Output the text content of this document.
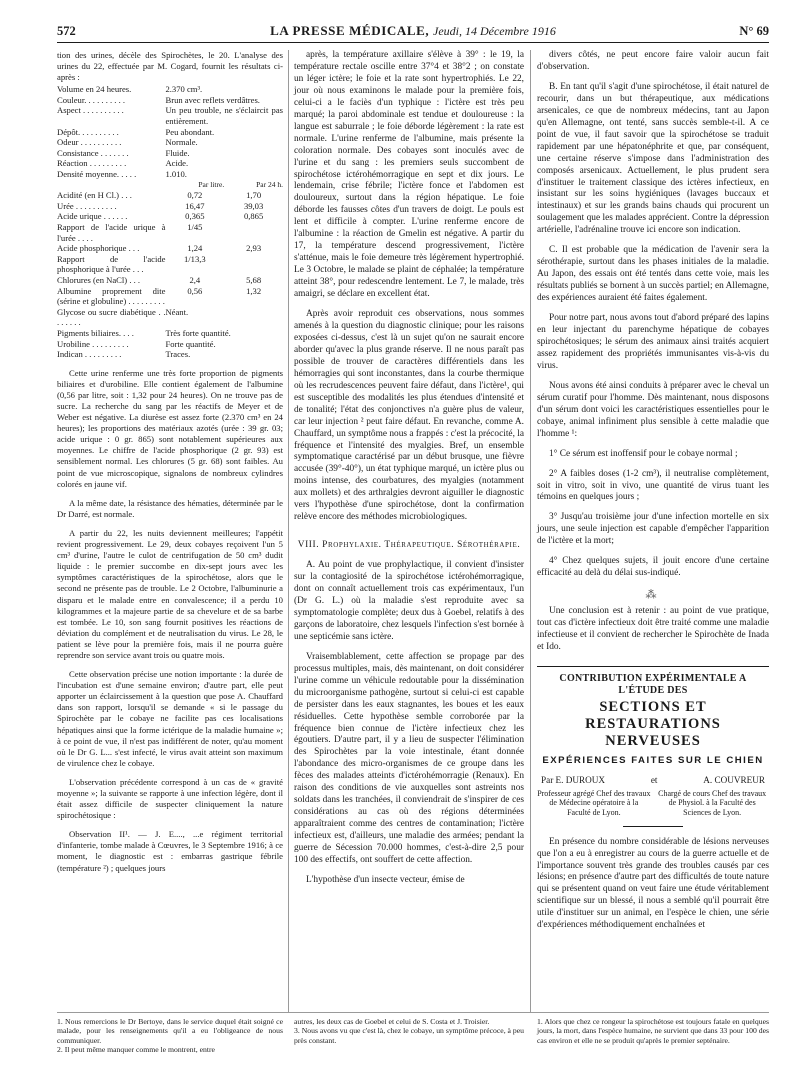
572	LA PRESSE MÉDICALE, Jeudi, 14 Décembre 1916	N° 69

tion des urines, décèle des Spirochètes, le 20. L'analyse des urines du 22, effectuée par M. Cogard, fournit les résultats ci-après :

Volume en 24 heures.	2.370 cm³.	
Couleur. . . . . . . . . .	Brun avec reflets verdâtres.	
Aspect . . . . . . . . . .	Un peu trouble, ne s'éclaircit pas entièrement.	
Dépôt. . . . . . . . . .	Peu abondant.	
Odeur . . . . . . . . . .	Normale.	
Consistance . . . . . . .	Fluide.	
Réaction . . . . . . . . .	Acide.	
Densité moyenne. . . . .	1.010.	
	Par litre.	Par 24 h.
Acidité (en H Cl.) . . .	0,72	1,70
Urée . . . . . . . . . .	16,47	39,03
Acide urique . . . . . .	0,365	0,865
Rapport de l'acide urique à l'urée . . . .	1/45	
Acide phosphorique . . .	1,24	2,93
Rapport de l'acide phosphorique à l'urée . . .	1/13,3	
Chlorures (en NaCl) . . .	2,4	5,68
Albumine proprement dite (sérine et globuline) . . . . . . . . .	0,56	1,32
Glycose ou sucre diabétique . . . . . . . .	Néant.	
Pigments biliaires. . . .	Très forte quantité.	
Urobiline . . . . . . . . .	Forte quantité.	
Indican . . . . . . . . .	Traces.	

Cette urine renferme une très forte proportion de pigments biliaires et d'urobiline. Elle contient également de l'albumine (0,56 par litre, soit : 1,32 pour 24 heures). On ne trouve pas de sucre. La recherche du sang par les réactifs de Meyer et de Weber est négative. La diurèse est assez forte (2.370 cm³ en 24 heures); les proportions des matériaux azotés (urée : 39 gr. 03; acide urique : 0 gr. 865) sont notablement supérieures aux moyennes. Le chiffre de l'acide phosphorique (2 gr. 93) est sensiblement normal. Les chlorures (5 gr. 68) sont faibles. Au point de vue microscopique, signalons de nombreux cylindres colorés en jaune vif.

A la même date, la résistance des hématies, déterminée par le Dr Darré, est normale.

A partir du 22, les nuits deviennent meilleures; l'appétit revient progressivement. Le 29, deux cobayes reçoivent l'un 5 cm³ d'urine, l'autre le culot de centrifugation de 50 cm³ dudit liquide : le premier succombe en dix-sept jours avec les symptômes caractéristiques de la spirochétose, alors que le second ne présente pas de trouble. Le 2 Octobre, l'albuminurie a disparu et le malade entre en convalescence; il a perdu 10 kilogrammes et la majeure partie de sa chevelure et de sa barbe est tombée. Le 10, son sang fournit positives les réactions de déviation du complément et de neutralisation du virus. Le 28, le patient se lève pour la première fois, mais il ne pourra guère reprendre son service avant trois ou quatre mois.

Cette observation précise une notion importante : la durée de l'incubation est d'une semaine environ; d'autre part, elle peut apporter un éclaircissement à la question que pose A. Chauffard dans son rapport, lorsqu'il se demande « si le passage du Spirochète par le cobaye ne facilite pas ces localisations hépatiques ainsi que la forme ictérique de la maladie humaine »; à ce point de vue, il n'est pas indifférent de noter, qu'au moment où le Dr G. L... s'est infecté, le virus avait atteint son maximum de virulence chez le cobaye.

L'observation précédente correspond à un cas de « gravité moyenne »; la suivante se rapporte à une infection légère, dont il était assez difficile de suspecter cliniquement la nature spirochétosique :

Observation II¹. — J. E...., ...e régiment territorial d'infanterie, tombe malade à Cœuvres, le 3 Septembre 1916; à ce moment, le diagnostic est : embarras gastrique fébrile (température ²) ; quelques jours

après, la température axillaire s'élève à 39° : le 19, la température rectale oscille entre 37°4 et 38°2 ; on constate un léger ictère; le foie et la rate sont hypertrophiés. Le 22, jour où nous examinons le malade pour la première fois, celui-ci a le faciès d'un typhique : l'ictère est très peu marqué; la paroi abdominale est tendue et douloureuse : la langue est saburrale ; le foie déborde légèrement : la rate est normale. L'urine renferme de l'albumine, mais présente la coloration normale. Des cobayes sont inoculés avec de l'urine et du sang : les premiers seuls succombent de spirochétose ictérohémorragique en sept et dix jours. Le lendemain, crise fébrile; l'ictère fonce et l'abdomen est douloureux, surtout dans la région hépatique. Le foie déborde les fausses côtes d'un travers de doigt. Le pouls est lent et difficile à compter. L'urine renferme encore de l'albumine : la réaction de Gmelin est négative. A partir du 17, la température descend progressivement, l'ictère s'atténue, mais le foie demeure très légèrement hypertrophié. Le 3 Octobre, le malade se plaint de céphalée; la température atteint 38°, pour redescendre lentement. Le 7, le malade, très amaigri, se déclare en excellent état.

Après avoir reproduit ces observations, nous sommes amenés à la question du diagnostic clinique; pour les raisons exposées ci-dessus, c'est là un sujet qu'on ne saurait encore aborder qu'avec la plus grande réserve. Il ne nous paraît pas possible de trouver de caractères différentiels dans les hémorragies qui sont inconstantes, dans la courbe thermique où les recrudescences peuvent faire défaut, dans l'ictère¹, qui est susceptible des modalités les plus étendues d'intensité et de tonalité; l'état des conjonctives n'a guère plus de valeur, car leur injection ² peut faire défaut. En revanche, comme A. Chauffard, un symptôme nous a frappés : c'est la précocité, la fréquence et l'intensité des myalgies. Bref, un ensemble symptomatique caractérisé par un début brusque, une fièvre accusée (39°-40°), un état typhique marqué, un ictère plus ou moins intense, des courbatures, des myalgies (notamment aux mollets) et des arthralgies devront aiguiller le diagnostic vers l'hypothèse d'une spirochétose, dont la confirmation relève encore des méthodes microbiologiques.

VIII. Prophylaxie. Thérapeutique. Sérothérapie.

A. Au point de vue prophylactique, il convient d'insister sur la contagiosité de la spirochétose ictérohémorragique, dont on connaît actuellement trois cas expérimentaux, l'un (Dr G. L.) où la maladie s'est reproduite avec sa symptomatologie complète; deux dus à Goebel, relatifs à des garçons de laboratoire, chez lesquels l'infection s'est bornée à une septicémie sans ictère.

Vraisemblablement, cette affection se propage par des processus multiples, mais, dès maintenant, on doit considérer l'urine comme un véhicule redoutable pour la dissémination du microorganisme pathogène, surtout si celui-ci est capable de persister dans les eaux stagnantes, les boues et les eaux résiduelles. Cette hypothèse semble corroborée par la fréquence bien connue de l'ictère infectieux chez les égoutiers. D'autre part, il y a lieu de suspecter l'élimination des Spirochètes par la voie intestinale, étant donnée l'abondance des micro-organismes de ce groupe dans les fèces des malades atteints d'ictérohémorragie (Renaux). En raison des conditions de vie auxquelles sont astreints nos soldats dans les tranchées, il conviendrait de s'inspirer de ces considérations au cas où des régions déterminées apparaîtraient comme des centres de contamination; l'ictère infectieux est, d'ailleurs, une maladie des armées; pendant la guerre de Sécession 70.000 hommes, c'est-à-dire 2,5 pour 100 des effectifs, ont souffert de cette affection.

L'hypothèse d'un insecte vecteur, émise de

divers côtés, ne peut encore faire valoir aucun fait d'observation.

B. En tant qu'il s'agit d'une spirochétose, il était naturel de recourir, dans un but thérapeutique, aux médications arsenicales, ce que de nombreux médecins, tant au Japon qu'en Allemagne, ont tenté, sans succès semble-t-il. A ce point de vue, il faut savoir que la spirochétose se traduit rapidement par une hépatonéphrite et que, par conséquent, une certaine réserve s'impose dans l'administration des composés arsenicaux. Actuellement, le plus prudent sera d'instituer le traitement classique des ictères infectieux, en insistant sur les soins hygiéniques (lavages buccaux et intestinaux) et sur les grands bains chauds qui procurent un soulagement que les malades apprécient. Contre la dépression artérielle, l'adrénaline trouve ici encore son indication.

C. Il est probable que la médication de l'avenir sera la sérothérapie, surtout dans les phases initiales de la maladie. Au Japon, des essais ont été tentés dans cette voie, mais les résultats publiés se bornent à un succès partiel; en Allemagne, des expériences auraient été faites également.

Pour notre part, nous avons tout d'abord préparé des lapins en leur injectant du parenchyme hépatique de cobayes spirochétosiques; le sérum des animaux ainsi traités acquiert assez rapidement des propriétés immunisantes vis-à-vis du virus.

Nous avons été ainsi conduits à préparer avec le cheval un sérum curatif pour l'homme. Dès maintenant, nous disposons d'un sérum dont voici les caractéristiques essentielles pour le cobaye, animal infiniment plus sensible à cette maladie que l'homme ¹:

1° Ce sérum est inoffensif pour le cobaye normal ;

2° A faibles doses (1-2 cm³), il neutralise complètement, soit in vitro, soit in vivo, une quantité de virus tuant les témoins en quelques jours ;

3° Jusqu'au troisième jour d'une infection mortelle en six jours, une seule injection est capable d'empêcher l'apparition de l'ictère et la mort;

4° Chez quelques sujets, il jouit encore d'une certaine efficacité au delà du délai sus-indiqué.

⁂

Une conclusion est à retenir : au point de vue pratique, tout cas d'ictère infectieux doit être traité comme une maladie infectieuse et il convient de rechercher le Spirochète de Inada et Ido.

CONTRIBUTION EXPÉRIMENTALE A L'ÉTUDE DES
SECTIONS ET RESTAURATIONS NERVEUSES
EXPÉRIENCES FAITES SUR LE CHIEN
Par E. DUROUX	et	A. COUVREUR
Professeur agrégé Chef des travaux de Médecine opératoire à la Faculté de Lyon.
Chargé de cours Chef des travaux de Physiol. à la Faculté des Sciences de Lyon.

En présence du nombre considérable de lésions nerveuses que l'on a eu à enregistrer au cours de la guerre actuelle et de l'importance souvent très grande des troubles causés par ces lésions; en présence d'autre part des difficultés de toute nature qui se présentent quand on veut faire une étude véritablement scientifique sur un blessé, il nous a semblé qu'il pourrait être utile d'instituer sur un animal, en l'espèce le chien, une série d'expériences méthodiquement enchaînées et

1. Nous remercions le Dr Bertoye, dans le service duquel était soigné ce malade, pour les renseignements qu'il a eu l'obligeance de nous communiquer.
2. Il peut même manquer comme le montrent, entre

autres, les deux cas de Goebel et celui de S. Costa et J. Troisier.
3. Nous avons vu que c'est là, chez le cobaye, un symptôme précoce, à peu près constant.

1. Alors que chez ce rongeur la spirochétose est toujours fatale en quelques jours, la mort, dans l'espèce humaine, ne survient que dans 33 pour 100 des cas environ et elle ne se produit qu'après le premier septénaire.
